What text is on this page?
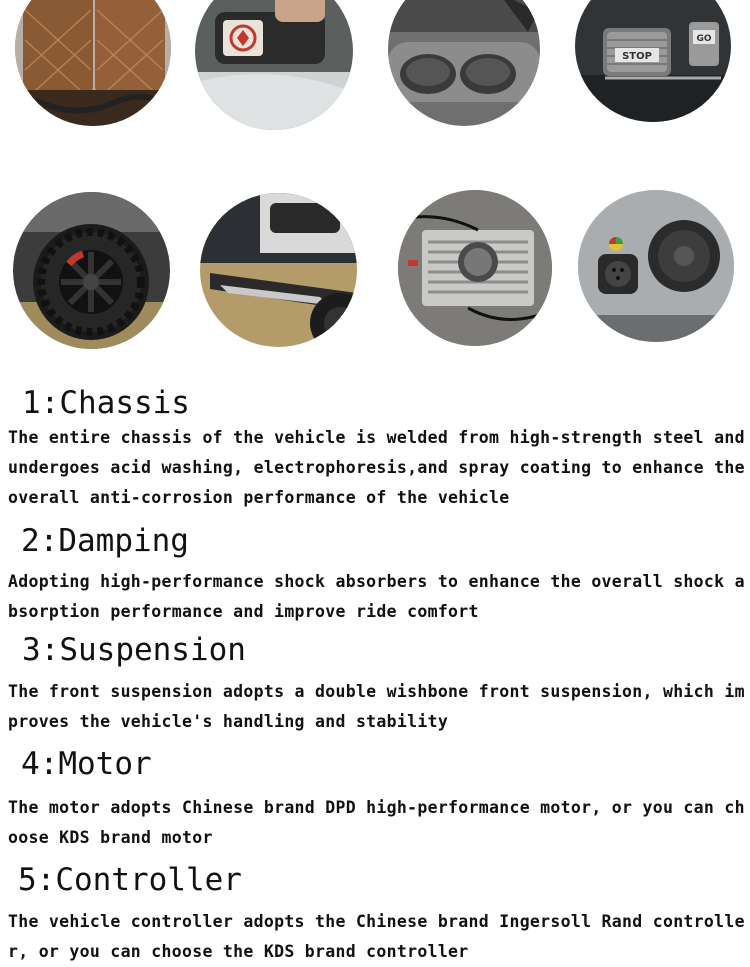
STOP
GO
1:Chassis

The entire chassis of the vehicle is welded from high-strength steel and undergoes acid washing, electrophoresis,and spray coating to enhance the overall anti-corrosion performance of the vehicle

2:Damping

Adopting high-performance shock absorbers to enhance the overall shock absorption performance and improve ride comfort

3:Suspension

The front suspension adopts a double wishbone front suspension, which improves the vehicle's handling and stability

4:Motor

The motor adopts Chinese brand DPD high-performance motor, or you can choose KDS brand motor

5:Controller

The vehicle controller adopts the Chinese brand Ingersoll Rand controller, or you can choose the KDS brand controller
